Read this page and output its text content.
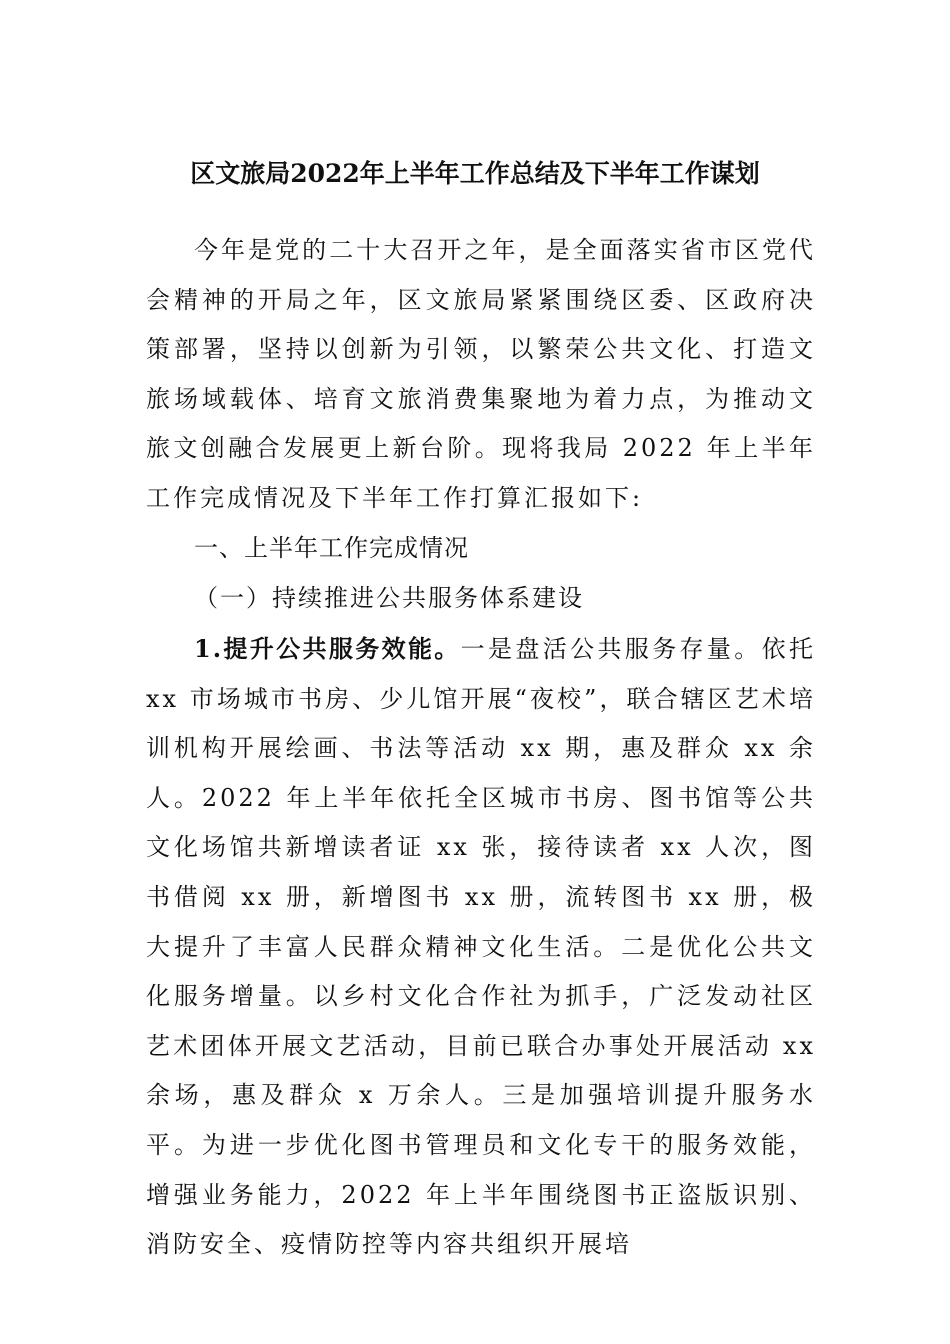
区文旅局2022年上半年工作总结及下半年工作谋划

今年是党的二十大召开之年，是全面落实省市区党代会精神的开局之年，区文旅局紧紧围绕区委、区政府决策部署，坚持以创新为引领，以繁荣公共文化、打造文旅场域载体、培育文旅消费集聚地为着力点，为推动文旅文创融合发展更上新台阶。现将我局 2022 年上半年工作完成情况及下半年工作打算汇报如下:

一、上半年工作完成情况
（一）持续推进公共服务体系建设

1.提升公共服务效能。一是盘活公共服务存量。依托 xx 市场城市书房、少儿馆开展“夜校”，联合辖区艺术培训机构开展绘画、书法等活动 xx 期，惠及群众 xx 余人。2022 年上半年依托全区城市书房、图书馆等公共文化场馆共新增读者证 xx 张，接待读者 xx 人次，图书借阅 xx 册，新增图书 xx 册，流转图书 xx 册，极大提升了丰富人民群众精神文化生活。二是优化公共文化服务增量。以乡村文化合作社为抓手，广泛发动社区艺术团体开展文艺活动，目前已联合办事处开展活动 xx 余场，惠及群众 x 万余人。三是加强培训提升服务水平。为进一步优化图书管理员和文化专干的服务效能，增强业务能力，2022 年上半年围绕图书正盗版识别、消防安全、疫情防控等内容共组织开展培
